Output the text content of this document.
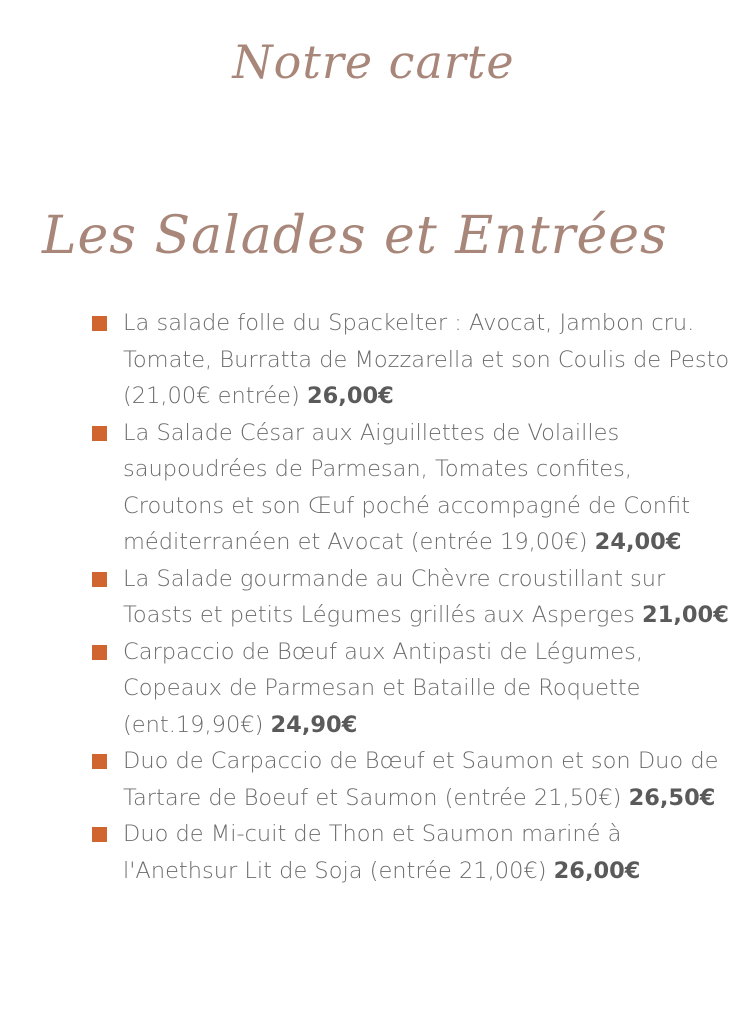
Notre carte
Les Salades et Entrées
La salade folle du Spackelter : Avocat, Jambon cru. Tomate, Burratta de Mozzarella et son Coulis de Pesto (21,00€ entrée) 26,00€
La Salade César aux Aiguillettes de Volailles saupoudrées de Parmesan, Tomates confites, Croutons et son Œuf poché accompagné de Confit méditerranéen et Avocat (entrée 19,00€) 24,00€
La Salade gourmande au Chèvre croustillant sur Toasts et petits Légumes grillés aux Asperges 21,00€
Carpaccio de Bœuf aux Antipasti de Légumes, Copeaux de Parmesan et Bataille de Roquette (ent.19,90€) 24,90€
Duo de Carpaccio de Bœuf et Saumon et son Duo de Tartare de Boeuf et Saumon (entrée 21,50€) 26,50€
Duo de Mi-cuit de Thon et Saumon mariné à l'Anethsur Lit de Soja (entrée 21,00€) 26,00€
